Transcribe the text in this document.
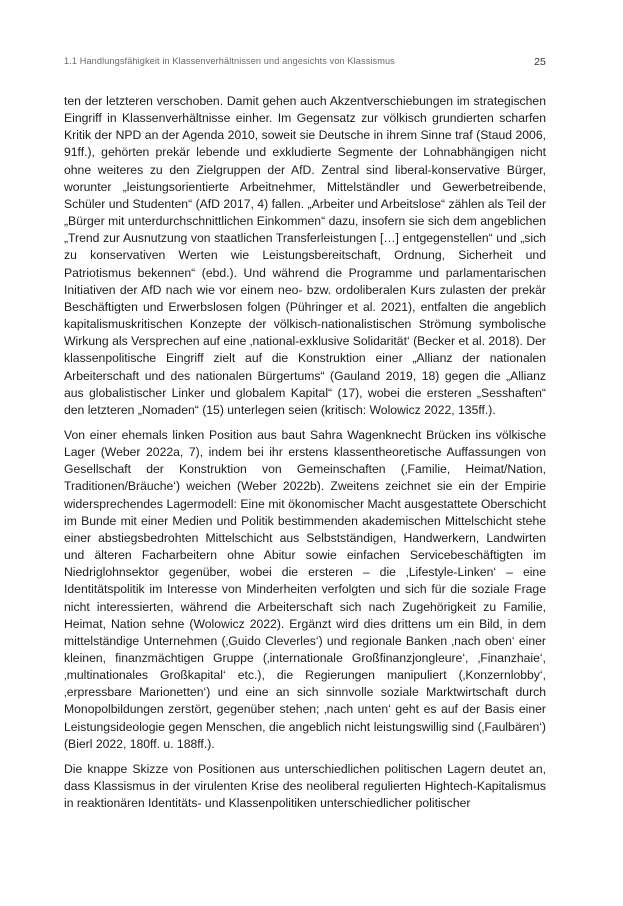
1.1 Handlungsfähigkeit in Klassenverhältnissen und angesichts von Klassismus	25

ten der letzteren verschoben. Damit gehen auch Akzentverschiebungen im strategischen Eingriff in Klassenverhältnisse einher. Im Gegensatz zur völkisch grundierten scharfen Kritik der NPD an der Agenda 2010, soweit sie Deutsche in ihrem Sinne traf (Staud 2006, 91ff.), gehörten prekär lebende und exkludierte Segmente der Lohnabhängigen nicht ohne weiteres zu den Zielgruppen der AfD. Zentral sind liberal-konservative Bürger, worunter „leistungsorientierte Arbeitnehmer, Mittelständler und Gewerbetreibende, Schüler und Studenten“ (AfD 2017, 4) fallen. „Arbeiter und Arbeitslose“ zählen als Teil der „Bürger mit unterdurchschnittlichen Einkommen“ dazu, insofern sie sich dem angeblichen „Trend zur Ausnutzung von staatlichen Transferleistungen […] entgegenstellen“ und „sich zu konservativen Werten wie Leistungsbereitschaft, Ordnung, Sicherheit und Patriotismus bekennen“ (ebd.). Und während die Programme und parlamentarischen Initiativen der AfD nach wie vor einem neo- bzw. ordoliberalen Kurs zulasten der prekär Beschäftigten und Erwerbslosen folgen (Pühringer et al. 2021), entfalten die angeblich kapitalismuskritischen Konzepte der völkisch-nationalistischen Strömung symbolische Wirkung als Versprechen auf eine ‚national-exklusive Solidarität‘ (Becker et al. 2018). Der klassenpolitische Eingriff zielt auf die Konstruktion einer „Allianz der nationalen Arbeiterschaft und des nationalen Bürgertums“ (Gauland 2019, 18) gegen die „Allianz aus globalistischer Linker und globalem Kapital“ (17), wobei die ersteren „Sesshaften“ den letzteren „Nomaden“ (15) unterlegen seien (kritisch: Wolowicz 2022, 135ff.).

Von einer ehemals linken Position aus baut Sahra Wagenknecht Brücken ins völkische Lager (Weber 2022a, 7), indem bei ihr erstens klassentheoretische Auffassungen von Gesellschaft der Konstruktion von Gemeinschaften (‚Familie, Heimat/Nation, Traditionen/Bräuche‘) weichen (Weber 2022b). Zweitens zeichnet sie ein der Empirie widersprechendes Lagermodell: Eine mit ökonomischer Macht ausgestattete Oberschicht im Bunde mit einer Medien und Politik bestimmenden akademischen Mittelschicht stehe einer abstiegsbedrohten Mittelschicht aus Selbstständigen, Handwerkern, Landwirten und älteren Facharbeitern ohne Abitur sowie einfachen Servicebeschäftigten im Niedriglohnsektor gegenüber, wobei die ersteren – die ‚Lifestyle-Linken‘ – eine Identitätspolitik im Interesse von Minderheiten verfolgten und sich für die soziale Frage nicht interessierten, während die Arbeiterschaft sich nach Zugehörigkeit zu Familie, Heimat, Nation sehne (Wolowicz 2022). Ergänzt wird dies drittens um ein Bild, in dem mittelständige Unternehmen (‚Guido Cleverles‘) und regionale Banken ‚nach oben‘ einer kleinen, finanzmächtigen Gruppe (‚internationale Großfinanzjongleure‘, ‚Finanzhaie‘, ‚multinationales Großkapital‘ etc.), die Regierungen manipuliert (‚Konzernlobby‘, ‚erpressbare Marionetten‘) und eine an sich sinnvolle soziale Marktwirtschaft durch Monopolbildungen zerstört, gegenüber stehen; ‚nach unten‘ geht es auf der Basis einer Leistungsideologie gegen Menschen, die angeblich nicht leistungswillig sind (‚Faulbären‘) (Bierl 2022, 180ff. u. 188ff.).

Die knappe Skizze von Positionen aus unterschiedlichen politischen Lagern deutet an, dass Klassismus in der virulenten Krise des neoliberal regulierten Hightech-Kapitalismus in reaktionären Identitäts- und Klassenpolitiken unterschiedlicher politischer
